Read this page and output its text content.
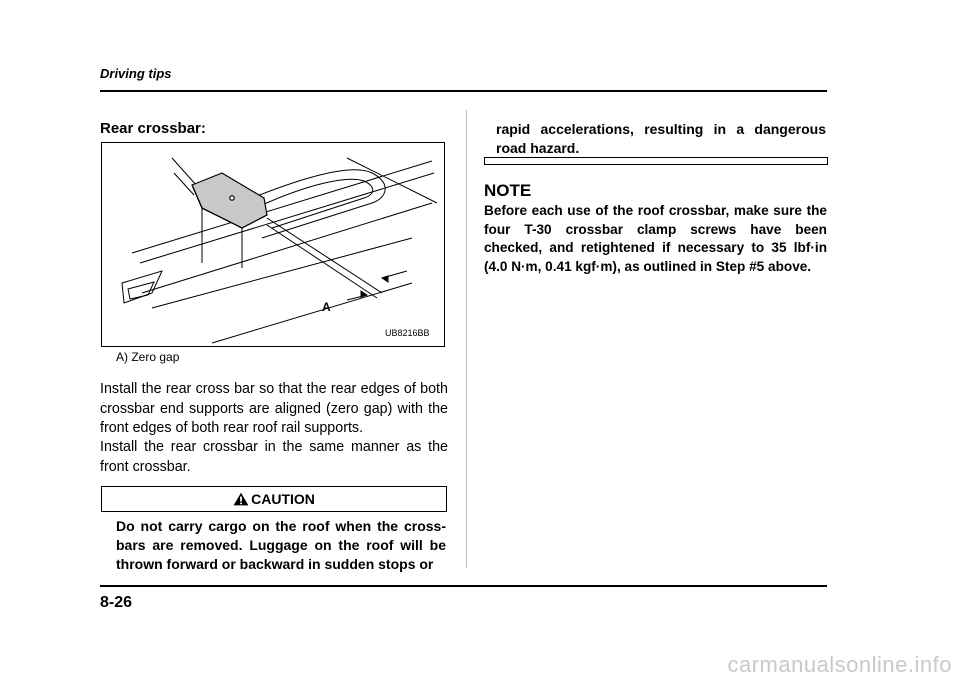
Driving tips
Rear crossbar:
A
UB8216BB
A) Zero gap
Install the rear cross bar so that the rear edges of both crossbar end supports are aligned (zero gap) with the front edges of both rear roof rail supports.
Install the rear crossbar in the same manner as the front crossbar.
CAUTION
Do not carry cargo on the roof when the cross-bars are removed. Luggage on the roof will be thrown forward or backward in sudden stops or
rapid accelerations, resulting in a dangerous road hazard.
NOTE
Before each use of the roof crossbar, make sure the four T-30 crossbar clamp screws have been checked, and retightened if necessary to 35 lbf·in (4.0 N·m, 0.41 kgf·m), as outlined in Step #5 above.
8-26
carmanualsonline.info
